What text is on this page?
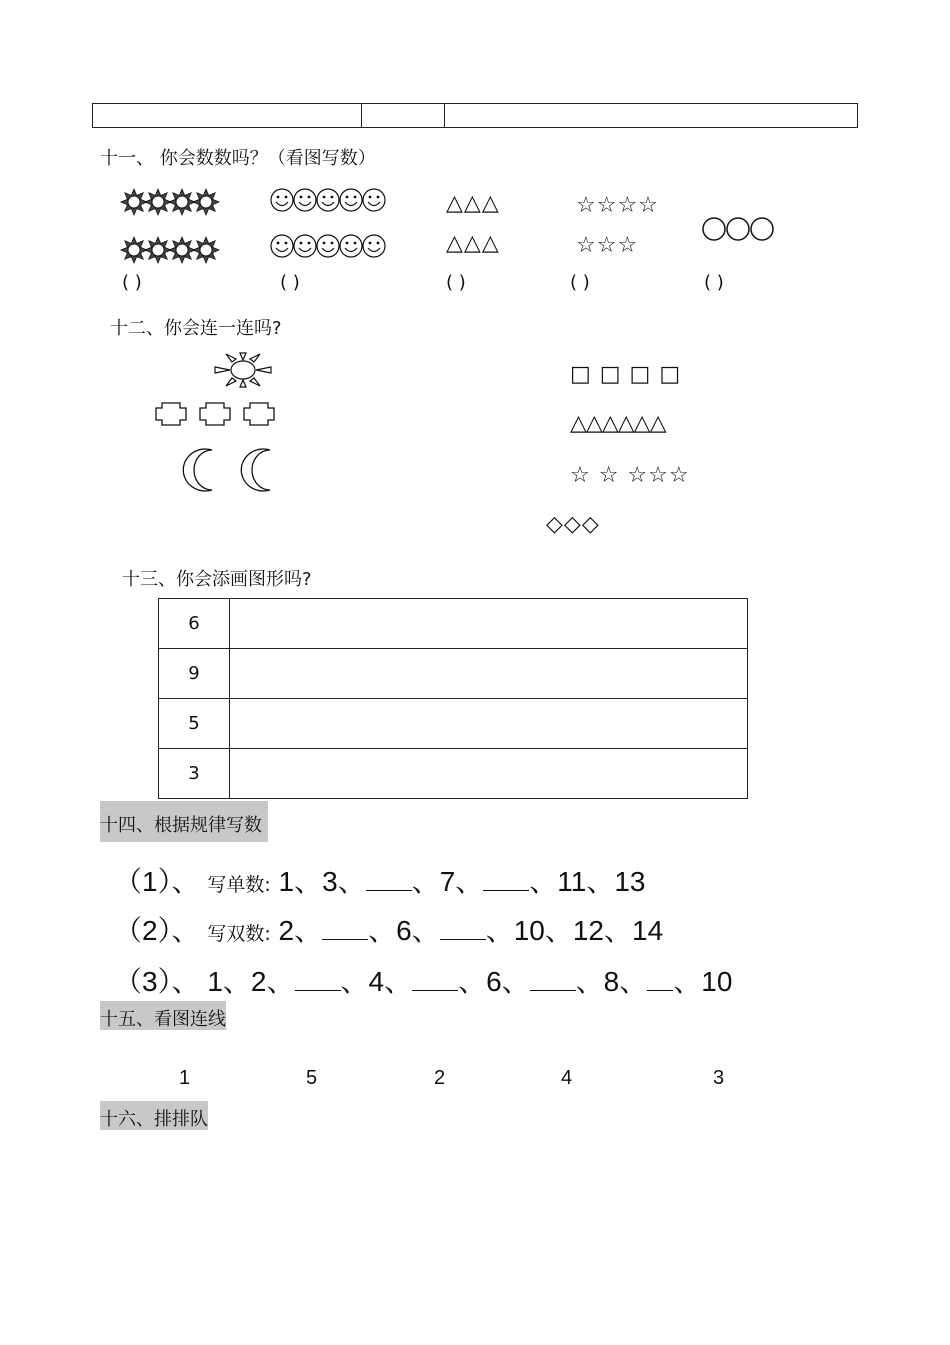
十一、 你会数数吗？（看图写数）
△△△
△△△
☆☆☆☆
☆☆☆
( )	( )	( )	( )	( )
十二、你会连一连吗?
□ □ □ □
△△△△△△
☆ ☆ ☆☆☆
◇◇◇
十三、你会添画图形吗?
6	
9	
5	
3	
十四、根据规律写数
（1）、 写单数: 1、3、 、7、 、11、13
（2）、 写双数: 2、 、6、 、10、12、14
（3）、 1、2、 、4、 、6、 、8、 、10
十五、看图连线
1	5	2	4	3
十六、排排队
